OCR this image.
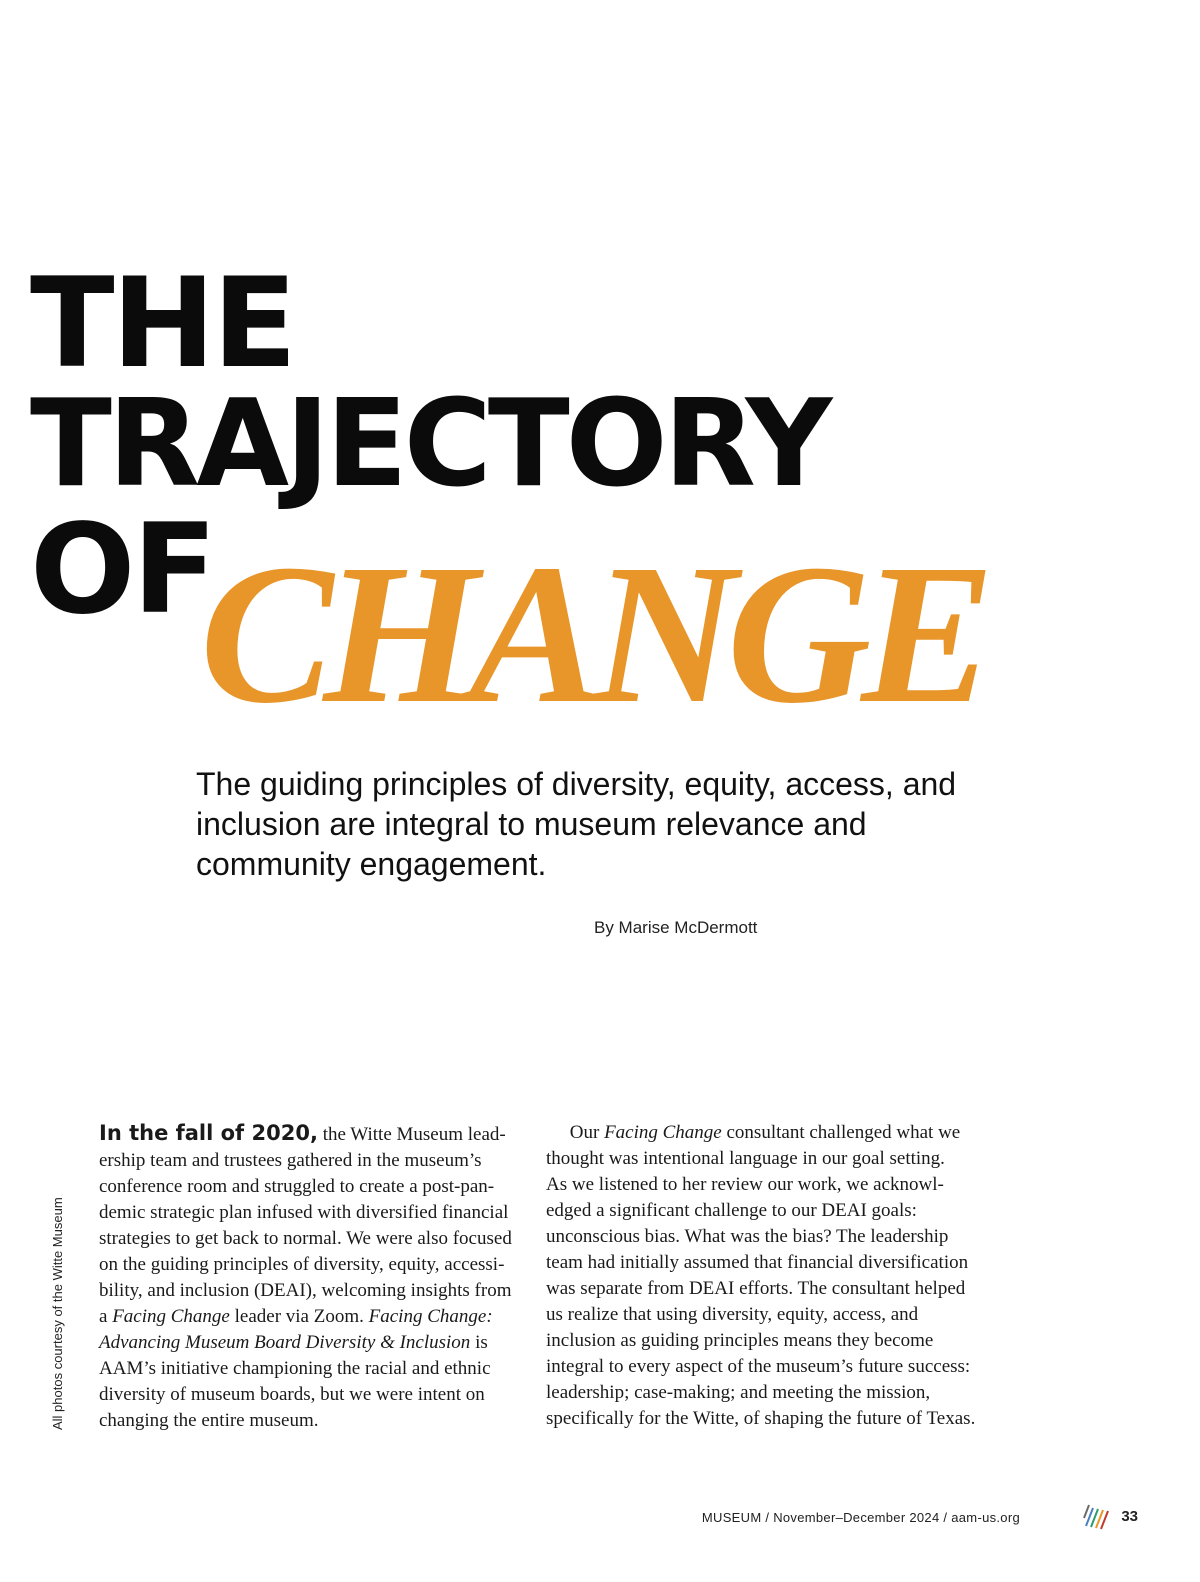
THE
TRAJECTORY
OF
CHANGE

The guiding principles of diversity, equity, access, and inclusion are integral to museum relevance and community engagement.

By Marise McDermott

All photos courtesy of the Witte Museum

In the fall of 2020, the Witte Museum lead-
ership team and trustees gathered in the museum’s
conference room and struggled to create a post-pan-
demic strategic plan infused with diversified financial
strategies to get back to normal. We were also focused
on the guiding principles of diversity, equity, accessi-
bility, and inclusion (DEAI), welcoming insights from
a Facing Change leader via Zoom. Facing Change:
Advancing Museum Board Diversity & Inclusion is
AAM’s initiative championing the racial and ethnic
diversity of museum boards, but we were intent on
changing the entire museum.
Our Facing Change consultant challenged what we
thought was intentional language in our goal setting.
As we listened to her review our work, we acknowl-
edged a significant challenge to our DEAI goals:
unconscious bias. What was the bias? The leadership
team had initially assumed that financial diversification
was separate from DEAI efforts. The consultant helped
us realize that using diversity, equity, access, and
inclusion as guiding principles means they become
integral to every aspect of the museum’s future success:
leadership; case-making; and meeting the mission,
specifically for the Witte, of shaping the future of Texas.
MUSEUM / November–December 2024 / aam-us.org	33
